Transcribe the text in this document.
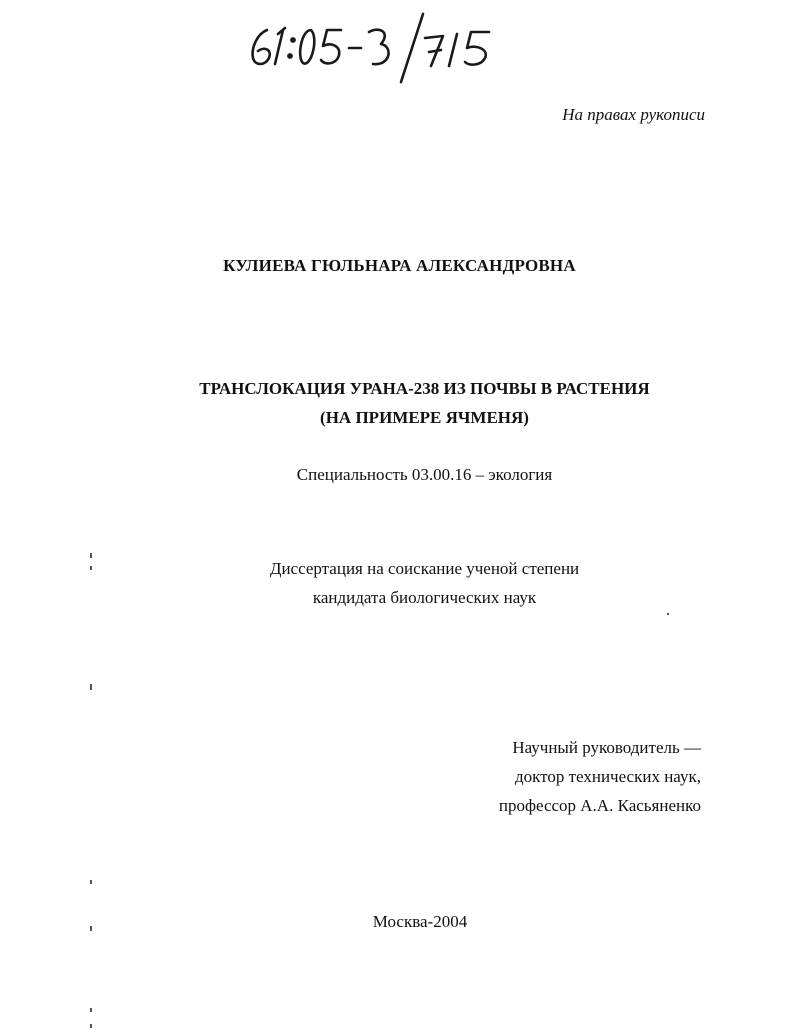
На правах рукописи
КУЛИЕВА ГЮЛЬНАРА АЛЕКСАНДРОВНА
ТРАНСЛОКАЦИЯ УРАНА-238 ИЗ ПОЧВЫ В РАСТЕНИЯ
(НА ПРИМЕРЕ ЯЧМЕНЯ)
Специальность 03.00.16 – экология
Диссертация на соискание ученой степени
кандидата биологических наук
Научный руководитель —
доктор технических наук,
профессор А.А. Касьяненко
Москва-2004
